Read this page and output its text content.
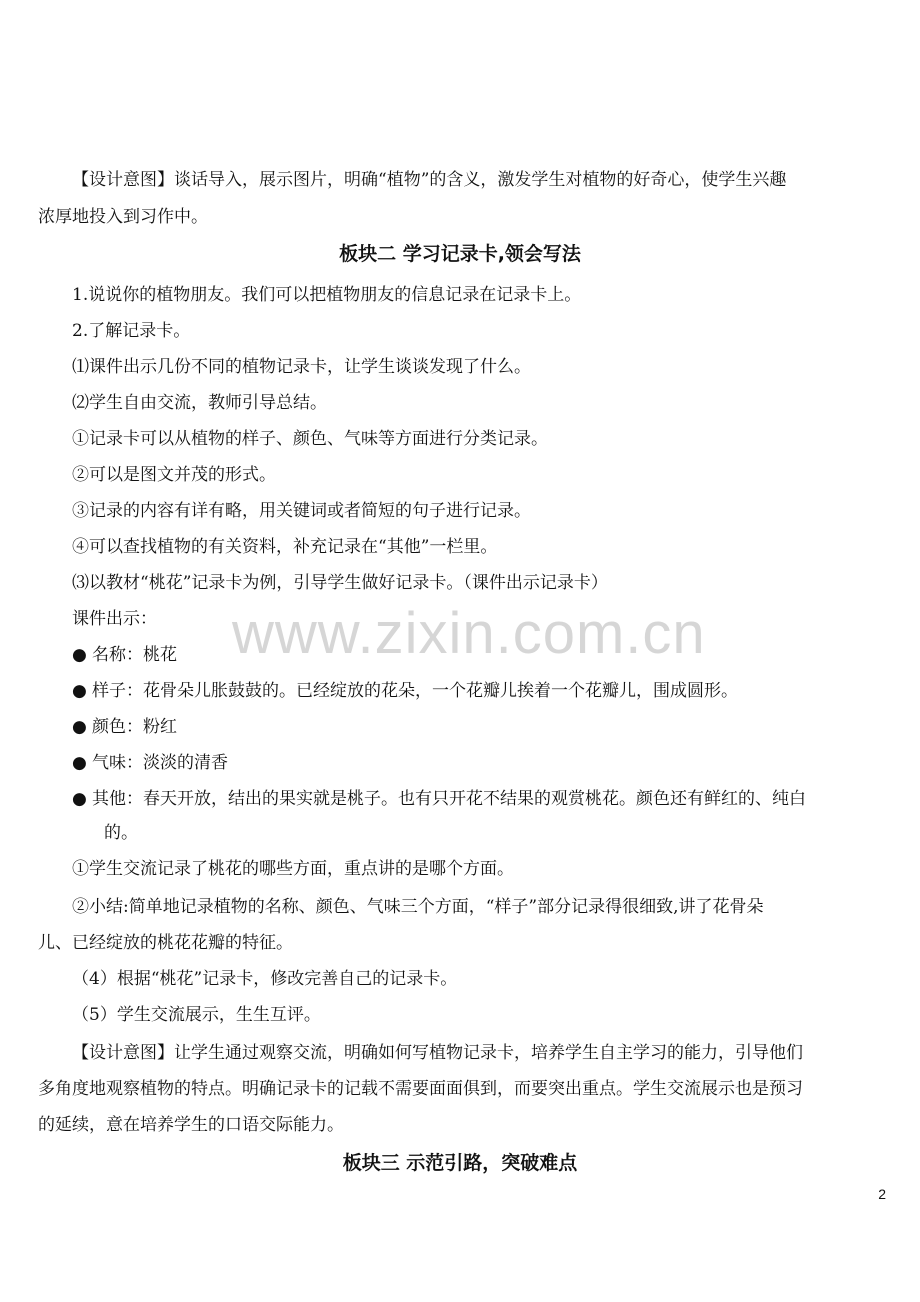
www.zixin.com.cn
【设计意图】谈话导入，展示图片，明确“植物”的含义，激发学生对植物的好奇心，使学生兴趣
浓厚地投入到习作中。
板块二 学习记录卡,领会写法
1.说说你的植物朋友。我们可以把植物朋友的信息记录在记录卡上。
2.了解记录卡。
⑴课件出示几份不同的植物记录卡，让学生谈谈发现了什么。
⑵学生自由交流，教师引导总结。
①记录卡可以从植物的样子、颜色、气味等方面进行分类记录。
②可以是图文并茂的形式。
③记录的内容有详有略，用关键词或者简短的句子进行记录。
④可以查找植物的有关资料，补充记录在“其他”一栏里。
⑶以教材“桃花”记录卡为例，引导学生做好记录卡。（课件出示记录卡）
课件出示：
● 名称：桃花
● 样子：花骨朵儿胀鼓鼓的。已经绽放的花朵，一个花瓣儿挨着一个花瓣儿，围成圆形。
● 颜色：粉红
● 气味：淡淡的清香
● 其他：春天开放，结出的果实就是桃子。也有只开花不结果的观赏桃花。颜色还有鲜红的、纯白
的。
①学生交流记录了桃花的哪些方面，重点讲的是哪个方面。
②小结:简单地记录植物的名称、颜色、气味三个方面，“样子”部分记录得很细致,讲了花骨朵
儿、已经绽放的桃花花瓣的特征。
（4）根据“桃花”记录卡，修改完善自己的记录卡。
（5）学生交流展示，生生互评。
【设计意图】让学生通过观察交流，明确如何写植物记录卡，培养学生自主学习的能力，引导他们
多角度地观察植物的特点。明确记录卡的记载不需要面面俱到，而要突出重点。学生交流展示也是预习
的延续，意在培养学生的口语交际能力。
板块三 示范引路，突破难点
2
